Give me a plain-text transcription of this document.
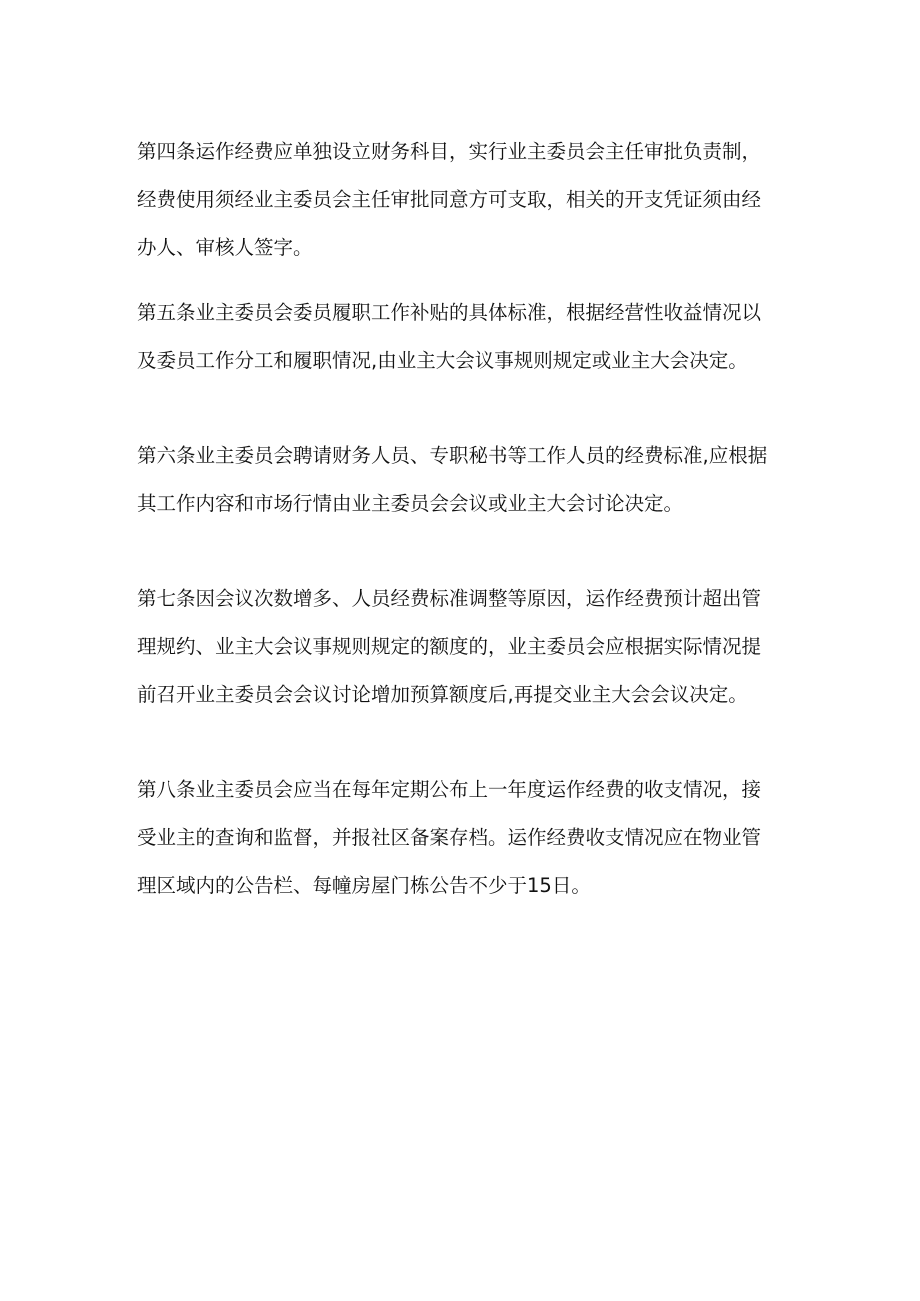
第四条运作经费应单独设立财务科目，实行业主委员会主任审批负责制，
经费使用须经业主委员会主任审批同意方可支取，相关的开支凭证须由经
办人、审核人签字。

第五条业主委员会委员履职工作补贴的具体标准，根据经营性收益情况以
及委员工作分工和履职情况,由业主大会议事规则规定或业主大会决定。

第六条业主委员会聘请财务人员、专职秘书等工作人员的经费标准,应根据
其工作内容和市场行情由业主委员会会议或业主大会讨论决定。

第七条因会议次数增多、人员经费标准调整等原因，运作经费预计超出管
理规约、业主大会议事规则规定的额度的，业主委员会应根据实际情况提
前召开业主委员会会议讨论增加预算额度后,再提交业主大会会议决定。

第八条业主委员会应当在每年定期公布上一年度运作经费的收支情况，接
受业主的查询和监督，并报社区备案存档。运作经费收支情况应在物业管
理区域内的公告栏、每幢房屋门栋公告不少于15日。
